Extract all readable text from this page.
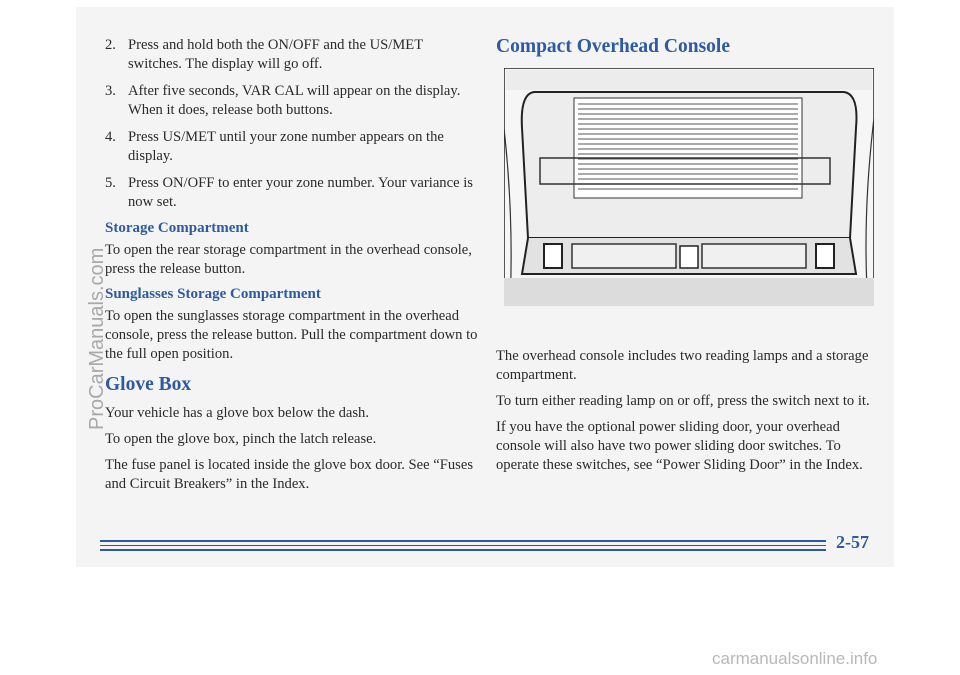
2. Press and hold both the ON/OFF and the US/MET switches. The display will go off.
3. After five seconds, VAR CAL will appear on the display. When it does, release both buttons.
4. Press US/MET until your zone number appears on the display.
5. Press ON/OFF to enter your zone number. Your variance is now set.
Storage Compartment

To open the rear storage compartment in the overhead console, press the release button.

Sunglasses Storage Compartment

To open the sunglasses storage compartment in the overhead console, press the release button. Pull the compartment down to the full open position.

Glove Box

Your vehicle has a glove box below the dash.

To open the glove box, pinch the latch release.

The fuse panel is located inside the glove box door. See “Fuses and Circuit Breakers” in the Index.

Compact Overhead Console

The overhead console includes two reading lamps and a storage compartment.

To turn either reading lamp on or off, press the switch next to it.

If you have the optional power sliding door, your overhead console will also have two power sliding door switches. To operate these switches, see “Power Sliding Door” in the Index.

2-57
ProCarManuals.com
carmanualsonline.info
